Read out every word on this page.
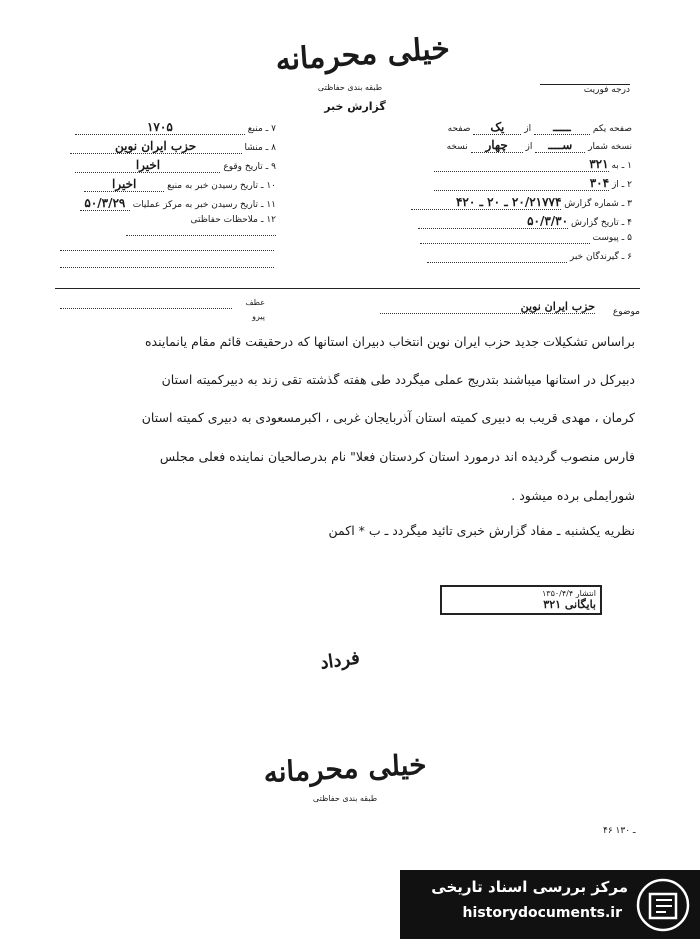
خیلی محرمانه
طبقه بندی حفاظتی
گزارش خبر
درجه فوریت
صفحه یکم ـــــ از یک صفحه
نسخه شمار ســــ از چهار نسخه
۱ ـ به ۳۲۱
۲ ـ از ۳۰۴
۳ ـ شماره گزارش ۲۰/۲۱۷۷۴ ـ ۲۰ ـ ۴۲۰
۴ ـ تاریخ گزارش ۵۰/۳/۳۰
۵ ـ پیوست
۶ ـ گیرندگان خبر
۷ ـ منبع ۱۷۰۵
۸ ـ منشا حزب ایران نوین
۹ ـ تاریخ وقوع اخیرا
۱۰ ـ تاریخ رسیدن خبر به منبع اخیرا
۱۱ ـ تاریخ رسیدن خبر به مرکز عملیات ۵۰/۳/۲۹
۱۲ ـ ملاحظات حفاظتی
موضوع
حزب ایران نوین
عطف
پیرو
براساس تشکیلات جدید حزب ایران نوین انتخاب دبیران استانها که درحقیقت قائم مقام یانماینده
دبیرکل در استانها میباشند بتدریج عملی میگردد طی هفته گذشته تقی زند به دبیرکمیته استان
کرمان ، مهدی قریب به دبیری کمیته استان آذربایجان غربی ، اکبرمسعودی به دبیری کمیته استان
فارس منصوب گردیده اند درمورد استان کردستان فعلا" نام بدرصالحیان نماینده فعلی مجلس
شورایملی برده میشود .
نظریه یکشنبه ـ مفاد گزارش خبری تائید میگردد ـ ب * اکمن
انتشار ۱۳۵۰/۴/۴
بایگانی ۳۲۱
فرداد
خیلی محرمانه
طبقه بندی حفاظتی
۴۶ ـ ۱۳۰
مرکز بررسی اسناد تاریخی
historydocuments.ir
